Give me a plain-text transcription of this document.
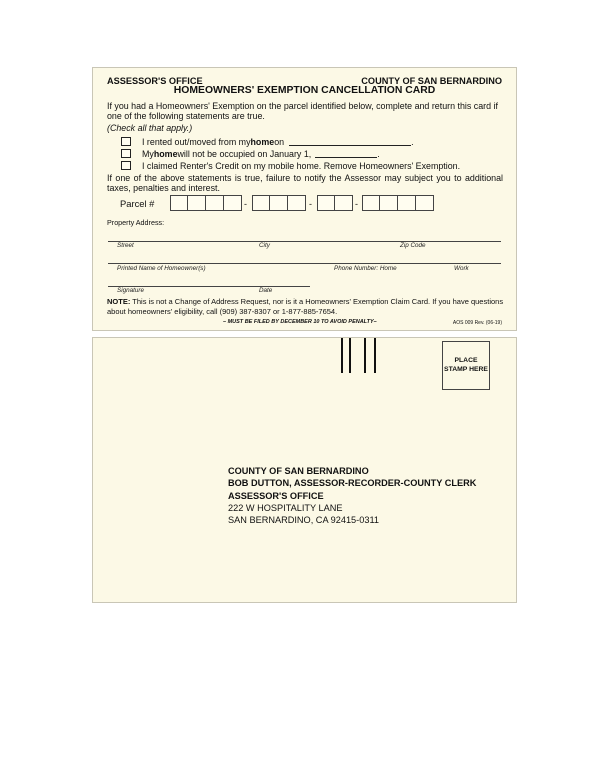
ASSESSOR'S OFFICE	COUNTY OF SAN BERNARDINO
HOMEOWNERS' EXEMPTION CANCELLATION CARD
If you had a Homeowners' Exemption on the parcel identified below, complete and return this card if one of the following statements are true.
(Check all that apply.)
I rented out/moved from my home on	.
My home will not be occupied on January 1,	.
I claimed Renter's Credit on my mobile home. Remove Homeowners' Exemption.
If one of the above statements is true, failure to notify the Assessor may subject you to additional taxes, penalties and interest.
Parcel #	-	-	-
Property Address:
Street	City	Zip Code
Printed Name of Homeowner(s)	Phone Number: Home	Work
Signature	Date
NOTE: This is not a Change of Address Request, nor is it a Homeowners' Exemption Claim Card. If you have questions about homeowners' eligibility, call (909) 387-8307 or 1-877-885-7654.
– MUST BE FILED BY DECEMBER 10 TO AVOID PENALTY–	AOS 009 Rev. (06-19)
PLACE STAMP HERE
COUNTY OF SAN BERNARDINO
BOB DUTTON, ASSESSOR-RECORDER-COUNTY CLERK
ASSESSOR'S OFFICE
222 W HOSPITALITY LANE
SAN BERNARDINO, CA 92415-0311
